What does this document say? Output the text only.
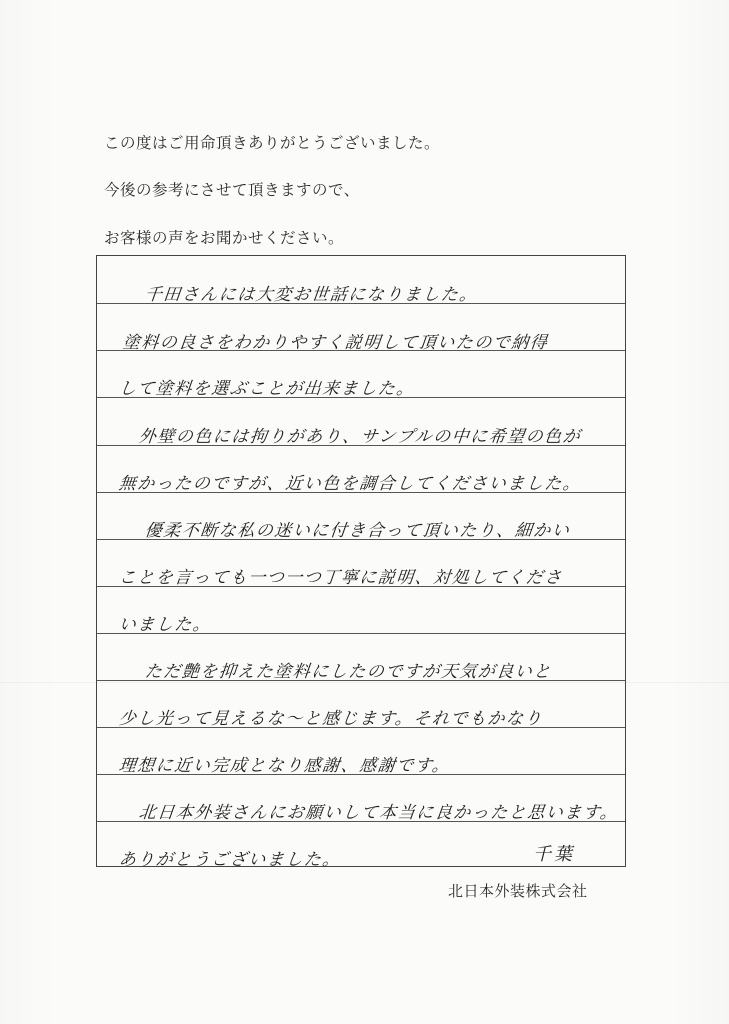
この度はご用命頂きありがとうございました。
今後の参考にさせて頂きますので、
お客様の声をお聞かせください。
千田さんには大変お世話になりました。
塗料の良さをわかりやすく説明して頂いたので納得
して塗料を選ぶことが出来ました。
外壁の色には拘りがあり、サンプルの中に希望の色が
無かったのですが、近い色を調合してくださいました。
優柔不断な私の迷いに付き合って頂いたり、細かい
ことを言っても一つ一つ丁寧に説明、対処してくださ
いました。
ただ艶を抑えた塗料にしたのですが天気が良いと
少し光って見えるな～と感じます。それでもかなり
理想に近い完成となり感謝、感謝です。
北日本外装さんにお願いして本当に良かったと思います。
ありがとうございました。	千葉
北日本外装株式会社
